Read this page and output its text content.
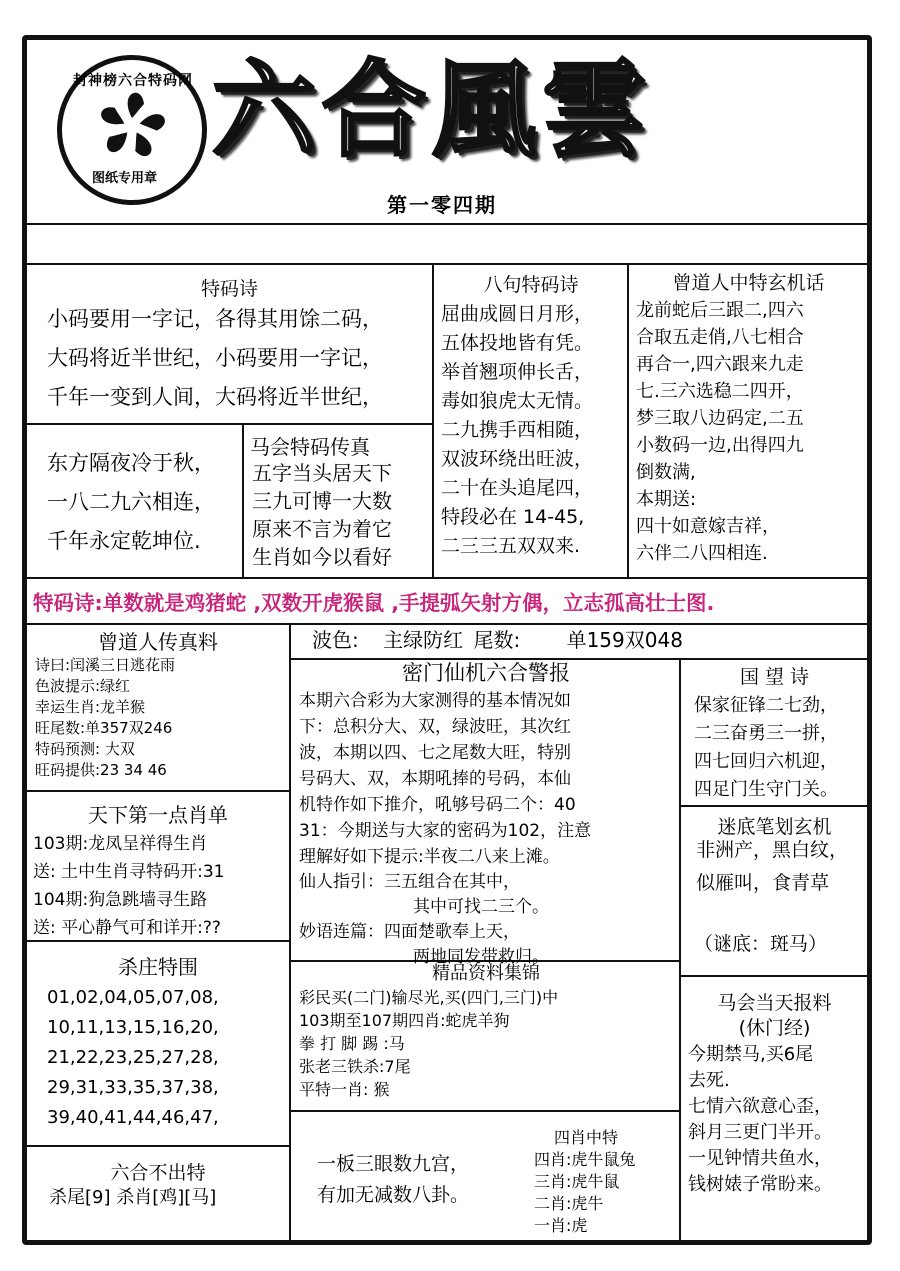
封神榜六合特码网
图纸专用章
六合風雲
第一零四期
特码诗
小码要用一字记，各得其用馀二码，
大码将近半世纪，小码要用一字记，
千年一变到人间，大码将近半世纪，
东方隔夜冷于秋，
一八二九六相连，
千年永定乾坤位.
马会特码传真
五字当头居天下
三九可博一大数
原来不言为着它
生肖如今以看好
八句特码诗
屈曲成圆日月形，
五体投地皆有凭。
举首翘项伸长舌，
毒如狼虎太无情。
二九携手西相随，
双波环绕出旺波，
二十在头追尾四，
特段必在 14-45,
二三三五双双来.
曾道人中特玄机话
龙前蛇后三跟二,四六
合取五走俏,八七相合
再合一,四六跟来九走
七.三六选稳二四开，
梦三取八边码定,二五
小数码一边,出得四九
倒数满,
本期送:
四十如意嫁吉祥，
六伴二八四相连.
特码诗:单数就是鸡猪蛇 ,双数开虎猴鼠 ,手提弧矢射方偶，立志孤高壮士图.
曾道人传真料
诗曰:闰溪三日逃花雨
色波提示:绿红
幸运生肖:龙羊猴
旺尾数:单357双246
特码预测: 大双
旺码提供:23 34 46
波色: 主绿防红 尾数: 单159双048
密门仙机六合警报
本期六合彩为大家测得的基本情况如
下：总积分大、双，绿波旺，其次红
波，本期以四、七之尾数大旺，特别
号码大、双，本期吼捧的号码，本仙
机特作如下推介，吼够号码二个：40
31：今期送与大家的密码为102，注意
理解好如下提示:半夜二八来上滩。
仙人指引：三五组合在其中，
其中可找二三个。
妙语连篇：四面楚歌奉上天，
两地同发带救归。
国 望 诗
保家征锋二七劲，
二三奋勇三一拼，
四七回归六机迎，
四足门生守门关。
迷底笔划玄机
非洲产，黑白纹，
似雁叫，食青草
（谜底：斑马）
天下第一点肖单
103期:龙凤呈祥得生肖
送: 土中生肖寻特码开:31
104期:狗急跳墙寻生路
送: 平心静气可和详开:??
杀庄特围
01,02,04,05,07,08,
10,11,13,15,16,20,
21,22,23,25,27,28,
29,31,33,35,37,38,
39,40,41,44,46,47,
精品资料集锦
彩民买(二门)输尽光,买(四门,三门)中
103期至107期四肖:蛇虎羊狗
拳 打 脚 踢 :马
张老三铁杀:7尾
平特一肖: 猴
马会当天报料
(休门经)
今期禁马,买6尾
去死.
七情六欲意心歪，
斜月三更门半开。
一见钟情共鱼水，
钱树婊子常盼来。
六合不出特
杀尾[9] 杀肖[鸡][马]
一板三眼数九宫，
有加无减数八卦。
四肖中特
四肖:虎牛鼠兔
三肖:虎牛鼠
二肖:虎牛
一肖:虎
